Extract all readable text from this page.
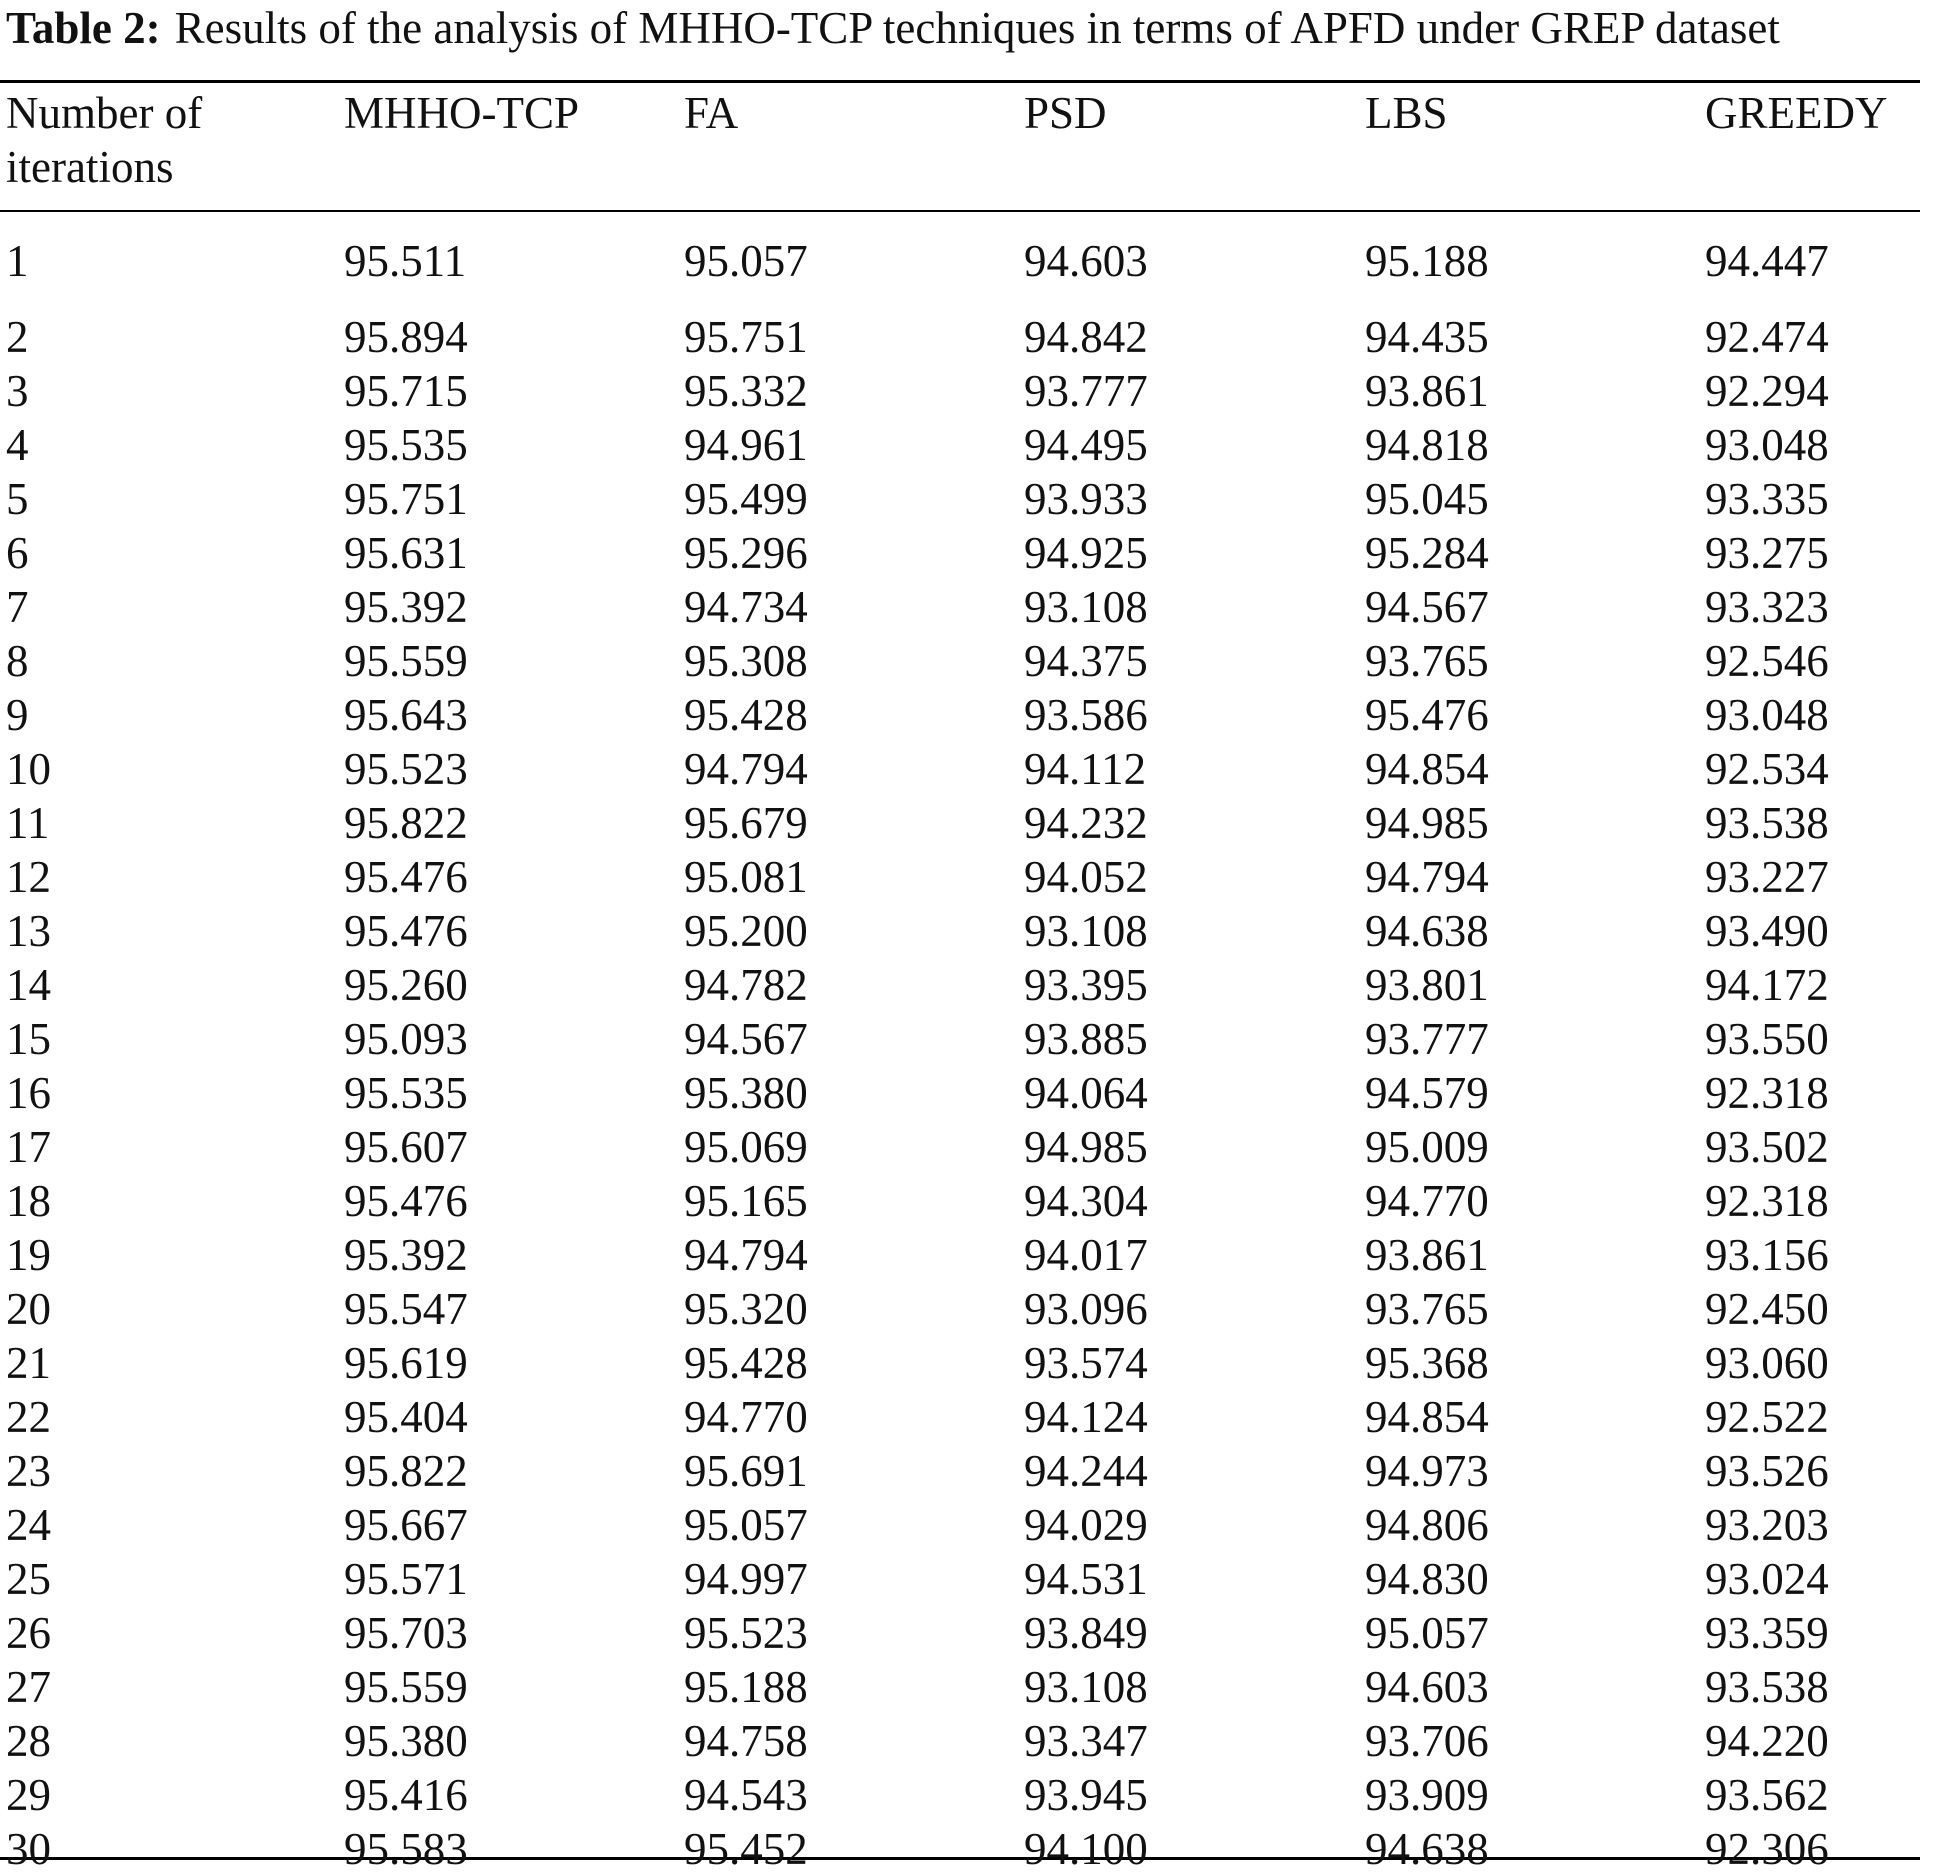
Table 2: Results of the analysis of MHHO-TCP techniques in terms of APFD under GREP dataset
Number of iterations	MHHO-TCP	FA	PSD	LBS	GREEDY
1	95.511	95.057	94.603	95.188	94.447
2	95.894	95.751	94.842	94.435	92.474
3	95.715	95.332	93.777	93.861	92.294
4	95.535	94.961	94.495	94.818	93.048
5	95.751	95.499	93.933	95.045	93.335
6	95.631	95.296	94.925	95.284	93.275
7	95.392	94.734	93.108	94.567	93.323
8	95.559	95.308	94.375	93.765	92.546
9	95.643	95.428	93.586	95.476	93.048
10	95.523	94.794	94.112	94.854	92.534
11	95.822	95.679	94.232	94.985	93.538
12	95.476	95.081	94.052	94.794	93.227
13	95.476	95.200	93.108	94.638	93.490
14	95.260	94.782	93.395	93.801	94.172
15	95.093	94.567	93.885	93.777	93.550
16	95.535	95.380	94.064	94.579	92.318
17	95.607	95.069	94.985	95.009	93.502
18	95.476	95.165	94.304	94.770	92.318
19	95.392	94.794	94.017	93.861	93.156
20	95.547	95.320	93.096	93.765	92.450
21	95.619	95.428	93.574	95.368	93.060
22	95.404	94.770	94.124	94.854	92.522
23	95.822	95.691	94.244	94.973	93.526
24	95.667	95.057	94.029	94.806	93.203
25	95.571	94.997	94.531	94.830	93.024
26	95.703	95.523	93.849	95.057	93.359
27	95.559	95.188	93.108	94.603	93.538
28	95.380	94.758	93.347	93.706	94.220
29	95.416	94.543	93.945	93.909	93.562
30	95.583	95.452	94.100	94.638	92.306
